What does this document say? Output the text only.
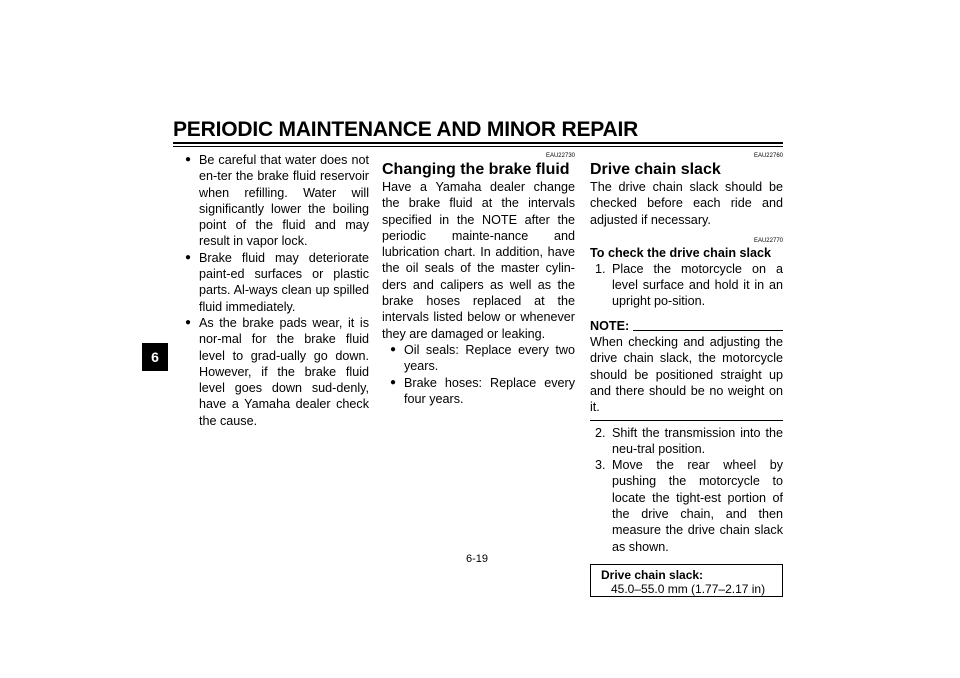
PERIODIC MAINTENANCE AND MINOR REPAIR
6
● Be careful that water does not en-ter the brake fluid reservoir when refilling. Water will significantly lower the boiling point of the fluid and may result in vapor lock.
● Brake fluid may deteriorate paint-ed surfaces or plastic parts. Al-ways clean up spilled fluid immediately.
● As the brake pads wear, it is nor-mal for the brake fluid level to grad-ually go down. However, if the brake fluid level goes down sud-denly, have a Yamaha dealer check the cause.
EAU22730
Changing the brake fluid

Have a Yamaha dealer change the brake fluid at the intervals specified in the NOTE after the periodic mainte-nance and lubrication chart. In addition, have the oil seals of the master cylin-ders and calipers as well as the brake hoses replaced at the intervals listed below or whenever they are damaged or leaking.

● Oil seals: Replace every two years.
● Brake hoses: Replace every four years.
EAU22760
Drive chain slack

The drive chain slack should be checked before each ride and adjusted if necessary.

EAU22770
To check the drive chain slack
1. Place the motorcycle on a level surface and hold it in an upright po-sition.
NOTE:

When checking and adjusting the drive chain slack, the motorcycle should be positioned straight up and there should be no weight on it.

2. Shift the transmission into the neu-tral position.
3. Move the rear wheel by pushing the motorcycle to locate the tight-est portion of the drive chain, and then measure the drive chain slack as shown.
Drive chain slack:
45.0–55.0 mm (1.77–2.17 in)
6-19
